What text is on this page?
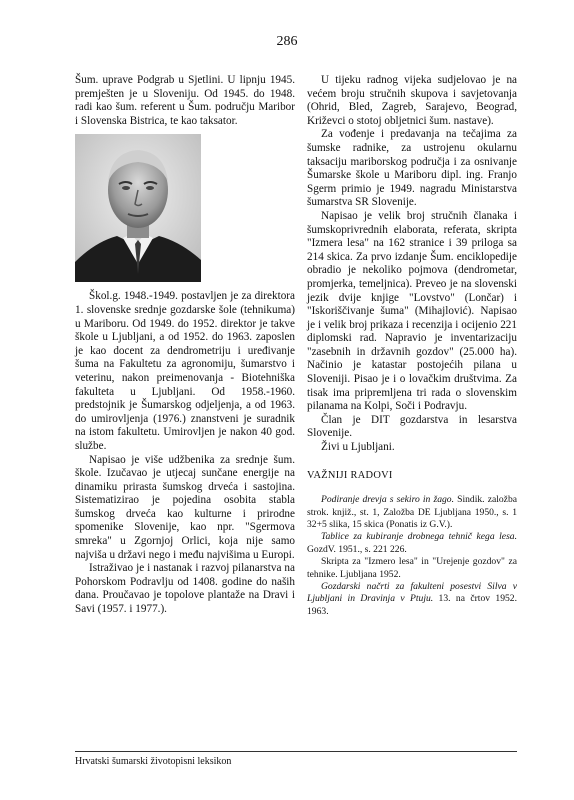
286

Šum. uprave Podgrab u Sjetlini. U lipnju 1945. premješten je u Sloveniju. Od 1945. do 1948. radi kao šum. referent u Šum. području Maribor i Slovenska Bistrica, te kao taksator.

Škol.g. 1948.-1949. postavljen je za direktora 1. slovenske srednje gozdarske šole (tehnikuma) u Mariboru. Od 1949. do 1952. direktor je takve škole u Ljubljani, a od 1952. do 1963. zaposlen je kao docent za dendrometriju i uređivanje šuma na Fakultetu za agronomiju, šumarstvo i veterinu, nakon preimenovanja - Biotehniška fakulteta u Ljubljani. Od 1958.-1960. predstojnik je Šumarskog odjeljenja, a od 1963. do umirovljenja (1976.) znanstveni je suradnik na istom fakultetu. Umirovljen je nakon 40 god. službe.

Napisao je više udžbenika za srednje šum. škole. Izučavao je utjecaj sunčane energije na dinamiku prirasta šumskog drveća i sastojina. Sistematizirao je pojedina osobita stabla šumskog drveća kao kulturne i prirodne spomenike Slovenije, kao npr. "Sgermova smreka" u Zgornjoj Orlici, koja nije samo najviša u državi nego i među najvišima u Europi.

Istraživao je i nastanak i razvoj pilanarstva na Pohorskom Podravlju od 1408. godine do naših dana. Proučavao je topolove plantaže na Dravi i Savi (1957. i 1977.).

U tijeku radnog vijeka sudjelovao je na većem broju stručnih skupova i savjetovanja (Ohrid, Bled, Zagreb, Sarajevo, Beograd, Križevci o stotoj obljetnici šum. nastave).

Za vođenje i predavanja na tečajima za šumske radnike, za ustrojenu okularnu taksaciju mariborskog područja i za osnivanje Šumarske škole u Mariboru dipl. ing. Franjo Sgerm primio je 1949. nagradu Ministarstva šumarstva SR Slovenije.

Napisao je velik broj stručnih članaka i šumskoprivrednih elaborata, referata, skripta "Izmera lesa" na 162 stranice i 39 priloga sa 214 skica. Za prvo izdanje Šum. enciklopedije obradio je nekoliko pojmova (dendrometar, promjerka, temeljnica). Preveo je na slovenski jezik dvije knjige "Lovstvo" (Lončar) i "Iskoriščivanje šuma" (Mihajlović). Napisao je i velik broj prikaza i recenzija i ocijenio 221 diplomski rad. Napravio je inventarizaciju "zasebnih in državnih gozdov" (25.000 ha). Načinio je katastar postojećih pilana u Sloveniji. Pisao je i o lovačkim društvima. Za tisak ima pripremljena tri rada o slovenskim pilanama na Kolpi, Soči i Podravju.

Član je DIT gozdarstva in lesarstva Slovenije.

Živi u Ljubljani.

VAŽNIJI RADOVI

Podiranje drevja s sekiro in žago. Sindik. založba strok. knjiž., st. 1, Založba DE Ljubljana 1950., s. 1 32+5 slika, 15 skica (Ponatis iz G.V.).

Tablice za kubiranje drobnega tehnič kega lesa. GozdV. 1951., s. 221 226.

Skripta za "Izmero lesa" in "Urejenje gozdov" za tehnike. Ljubljana 1952.

Gozdarski načrti za fakulteni posestvi Silva v Ljubljani in Dravinja v Ptuju. 13. na črtov 1952. 1963.

Hrvatski šumarski životopisni leksikon
